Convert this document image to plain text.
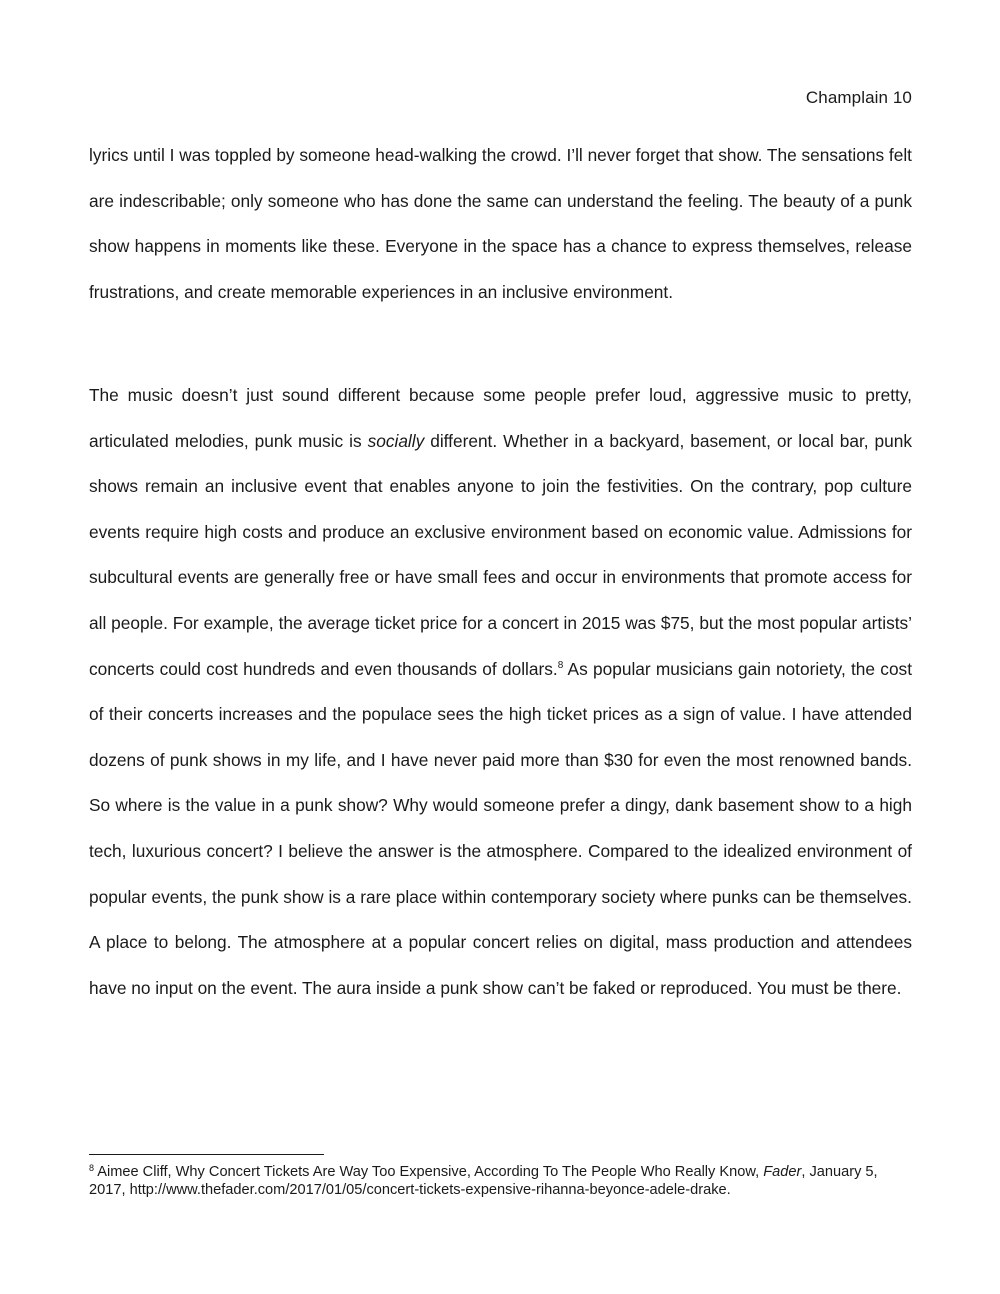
Champlain 10

lyrics until I was toppled by someone head-walking the crowd. I’ll never forget that show. The sensations felt are indescribable; only someone who has done the same can understand the feeling. The beauty of a punk show happens in moments like these. Everyone in the space has a chance to express themselves, release frustrations, and create memorable experiences in an inclusive environment.

The music doesn’t just sound different because some people prefer loud, aggressive music to pretty, articulated melodies, punk music is socially different. Whether in a backyard, basement, or local bar, punk shows remain an inclusive event that enables anyone to join the festivities. On the contrary, pop culture events require high costs and produce an exclusive environment based on economic value. Admissions for subcultural events are generally free or have small fees and occur in environments that promote access for all people. For example, the average ticket price for a concert in 2015 was $75, but the most popular artists’ concerts could cost hundreds and even thousands of dollars.$^8$ As popular musicians gain notoriety, the cost of their concerts increases and the populace sees the high ticket prices as a sign of value. I have attended dozens of punk shows in my life, and I have never paid more than $30 for even the most renowned bands. So where is the value in a punk show? Why would someone prefer a dingy, dank basement show to a high tech, luxurious concert? I believe the answer is the atmosphere. Compared to the idealized environment of popular events, the punk show is a rare place within contemporary society where punks can be themselves. A place to belong. The atmosphere at a popular concert relies on digital, mass production and attendees have no input on the event. The aura inside a punk show can’t be faked or reproduced. You must be there.

$^8$ Aimee Cliff, Why Concert Tickets Are Way Too Expensive, According To The People Who Really Know, Fader, January 5, 2017, http://www.thefader.com/2017/01/05/concert-tickets-expensive-rihanna-beyonce-adele-drake.
